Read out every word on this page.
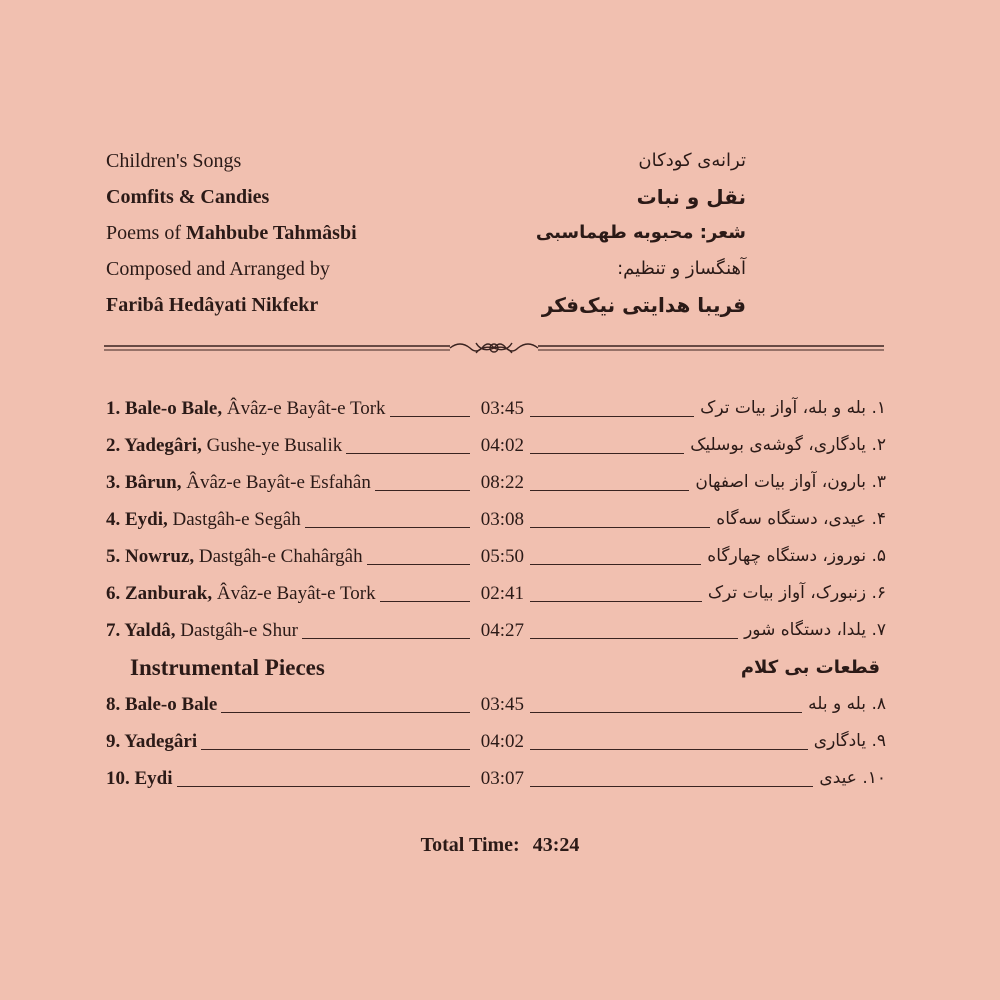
Children's Songs
Comfits & Candies
Poems of Mahbube Tahmâsbi
Composed and Arranged by
Faribâ Hedâyati Nikfekr
ترانه‌ی کودکان
نقل و نبات
شعر: محبوبه طهماسبی
آهنگساز و تنظیم:
فریبا هدایتی نیک‌فکر
1. Bale-o Bale, Âvâz-e Bayât-e Tork	03:45	۱. بله و بله، آواز بیات ترک
2. Yadegâri, Gushe-ye Busalik	04:02	۲. یادگاری، گوشه‌ی بوسلیک
3. Bârun, Âvâz-e Bayât-e Esfahân	08:22	۳. بارون، آواز بیات اصفهان
4. Eydi, Dastgâh-e Segâh	03:08	۴. عیدی، دستگاه سه‌گاه
5. Nowruz, Dastgâh-e Chahârgâh	05:50	۵. نوروز، دستگاه چهارگاه
6. Zanburak, Âvâz-e Bayât-e Tork	02:41	۶. زنبورک، آواز بیات ترک
7. Yaldâ, Dastgâh-e Shur	04:27	۷. یلدا، دستگاه شور
Instrumental Pieces	قطعات بی کلام
8. Bale-o Bale	03:45	۸. بله و بله
9. Yadegâri	04:02	۹. یادگاری
10. Eydi	03:07	۱۰. عیدی
Total Time: 43:24
